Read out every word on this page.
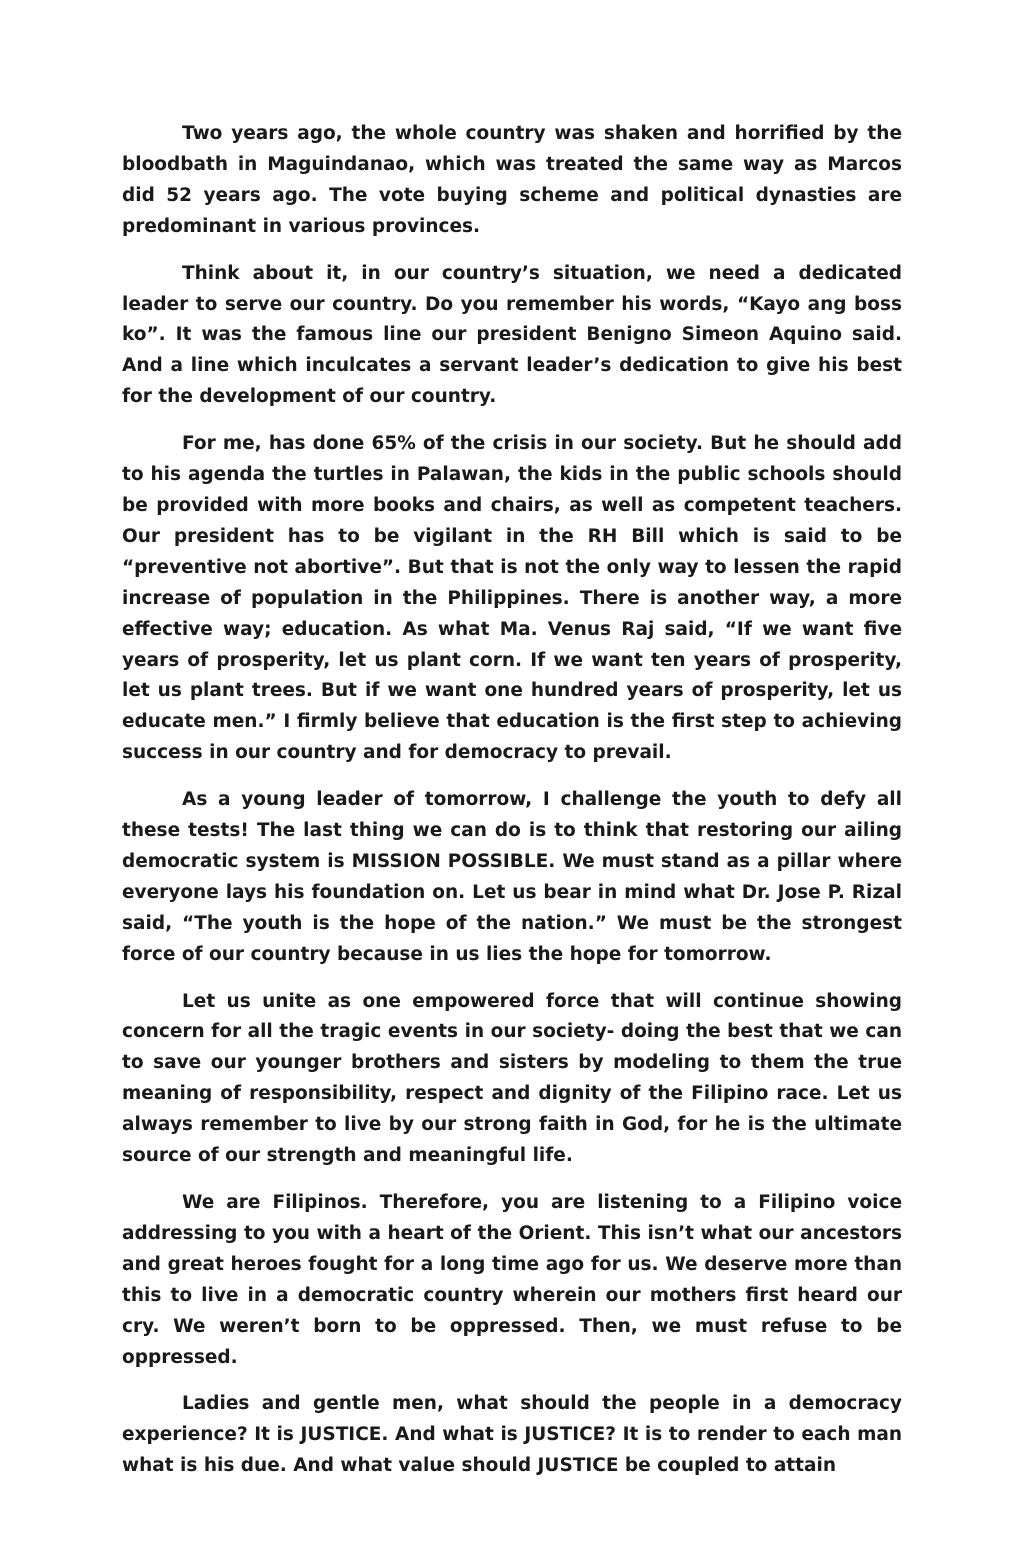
Two years ago, the whole country was shaken and horrified by the bloodbath in Maguindanao, which was treated the same way as Marcos did 52 years ago. The vote buying scheme and political dynasties are predominant in various provinces.

Think about it, in our country’s situation, we need a dedicated leader to serve our country. Do you remember his words, “Kayo ang boss ko”. It was the famous line our president Benigno Simeon Aquino said. And a line which inculcates a servant leader’s dedication to give his best for the development of our country.

For me, has done 65% of the crisis in our society. But he should add to his agenda the turtles in Palawan, the kids in the public schools should be provided with more books and chairs, as well as competent teachers. Our president has to be vigilant in the RH Bill which is said to be “preventive not abortive”. But that is not the only way to lessen the rapid increase of population in the Philippines. There is another way, a more effective way; education. As what Ma. Venus Raj said, “If we want five years of prosperity, let us plant corn. If we want ten years of prosperity, let us plant trees. But if we want one hundred years of prosperity, let us educate men.” I firmly believe that education is the first step to achieving success in our country and for democracy to prevail.

As a young leader of tomorrow, I challenge the youth to defy all these tests! The last thing we can do is to think that restoring our ailing democratic system is MISSION POSSIBLE. We must stand as a pillar where everyone lays his foundation on. Let us bear in mind what Dr. Jose P. Rizal said, “The youth is the hope of the nation.” We must be the strongest force of our country because in us lies the hope for tomorrow.

Let us unite as one empowered force that will continue showing concern for all the tragic events in our society- doing the best that we can to save our younger brothers and sisters by modeling to them the true meaning of responsibility, respect and dignity of the Filipino race. Let us always remember to live by our strong faith in God, for he is the ultimate source of our strength and meaningful life.

We are Filipinos. Therefore, you are listening to a Filipino voice addressing to you with a heart of the Orient. This isn’t what our ancestors and great heroes fought for a long time ago for us. We deserve more than this to live in a democratic country wherein our mothers first heard our cry. We weren’t born to be oppressed. Then, we must refuse to be oppressed.

Ladies and gentle men, what should the people in a democracy experience? It is JUSTICE. And what is JUSTICE? It is to render to each man what is his due. And what value should JUSTICE be coupled to attain
